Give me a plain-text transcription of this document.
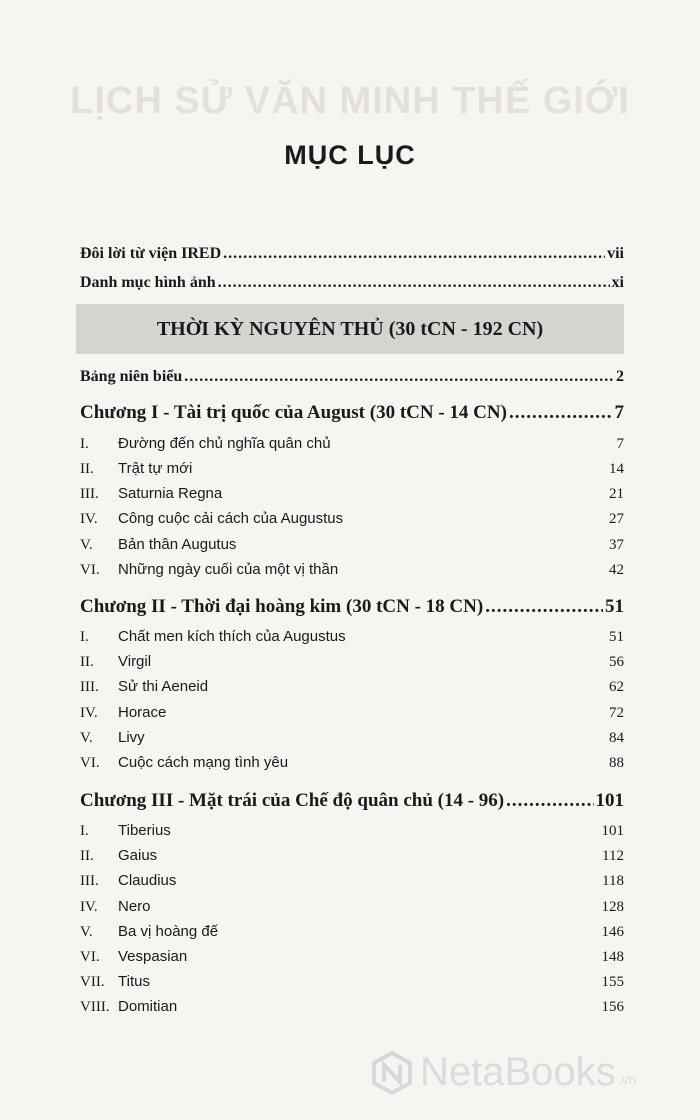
LỊCH SỬ VĂN MINH THẾ GIỚI
MỤC LỤC
Đôi lời từ viện IRED .....	vii
Danh mục hình ảnh .....	xi
THỜI KỲ NGUYÊN THỦ (30 tCN - 192 CN)
Bảng niên biểu .....	2
Chương I - Tài trị quốc của August (30 tCN - 14 CN) .....	7
I.	Đường đến chủ nghĩa quân chủ	7
II.	Trật tự mới	14
III.	Saturnia Regna	21
IV.	Công cuộc cải cách của Augustus	27
V.	Bản thân Augutus	37
VI.	Những ngày cuối của một vị thần	42
Chương II - Thời đại hoàng kim (30 tCN - 18 CN) .....	51
I.	Chất men kích thích của Augustus	51
II.	Virgil	56
III.	Sử thi Aeneid	62
IV.	Horace	72
V.	Livy	84
VI.	Cuộc cách mạng tình yêu	88
Chương III - Mặt trái của Chế độ quân chủ (14 - 96) .....	101
I.	Tiberius	101
II.	Gaius	112
III.	Claudius	118
IV.	Nero	128
V.	Ba vị hoàng đế	146
VI.	Vespasian	148
VII. Titus	155
VIII. Domitian	156
NetaBooks .vn
